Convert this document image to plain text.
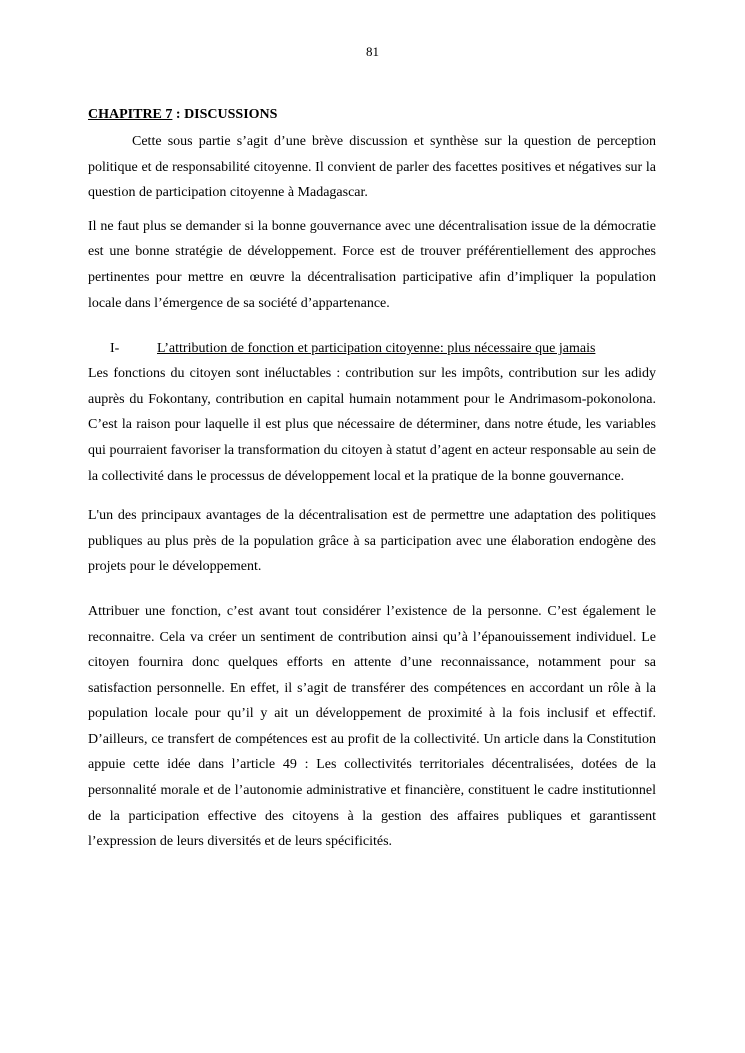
81
CHAPITRE 7 : DISCUSSIONS

Cette sous partie s’agit d’une brève discussion et synthèse sur la question de perception politique et de responsabilité citoyenne. Il convient de parler des facettes positives et négatives sur la question de participation citoyenne à Madagascar.

Il ne faut plus se demander si la bonne gouvernance avec une décentralisation issue de la démocratie est une bonne stratégie de développement. Force est de trouver préférentiellement des approches pertinentes pour mettre en œuvre la décentralisation participative afin d’impliquer la population locale dans l’émergence de sa société d’appartenance.

I-	L’attribution de fonction et participation citoyenne: plus nécessaire que jamais

Les fonctions du citoyen sont inéluctables : contribution sur les impôts, contribution sur les adidy auprès du Fokontany, contribution en capital humain notamment pour le Andrimasom-pokonolona. C’est la raison pour laquelle il est plus que nécessaire de déterminer, dans notre étude, les variables qui pourraient favoriser la transformation du citoyen à statut d’agent en acteur responsable au sein de la collectivité dans le processus de développement local et la pratique de la bonne gouvernance.

L'un des principaux avantages de la décentralisation est de permettre une adaptation des politiques publiques au plus près de la population grâce à sa participation avec une élaboration endogène des projets pour le développement.

Attribuer une fonction, c’est avant tout considérer l’existence de la personne. C’est également le reconnaitre. Cela va créer un sentiment de contribution ainsi qu’à l’épanouissement individuel. Le citoyen fournira donc quelques efforts en attente d’une reconnaissance, notamment pour sa satisfaction personnelle. En effet, il s’agit de transférer des compétences en accordant un rôle à la population locale pour qu’il y ait un développement de proximité à la fois inclusif et effectif. D’ailleurs, ce transfert de compétences est au profit de la collectivité. Un article dans la Constitution appuie cette idée dans l’article 49 : Les collectivités territoriales décentralisées, dotées de la personnalité morale et de l’autonomie administrative et financière, constituent le cadre institutionnel de la participation effective des citoyens à la gestion des affaires publiques et garantissent l’expression de leurs diversités et de leurs spécificités.
